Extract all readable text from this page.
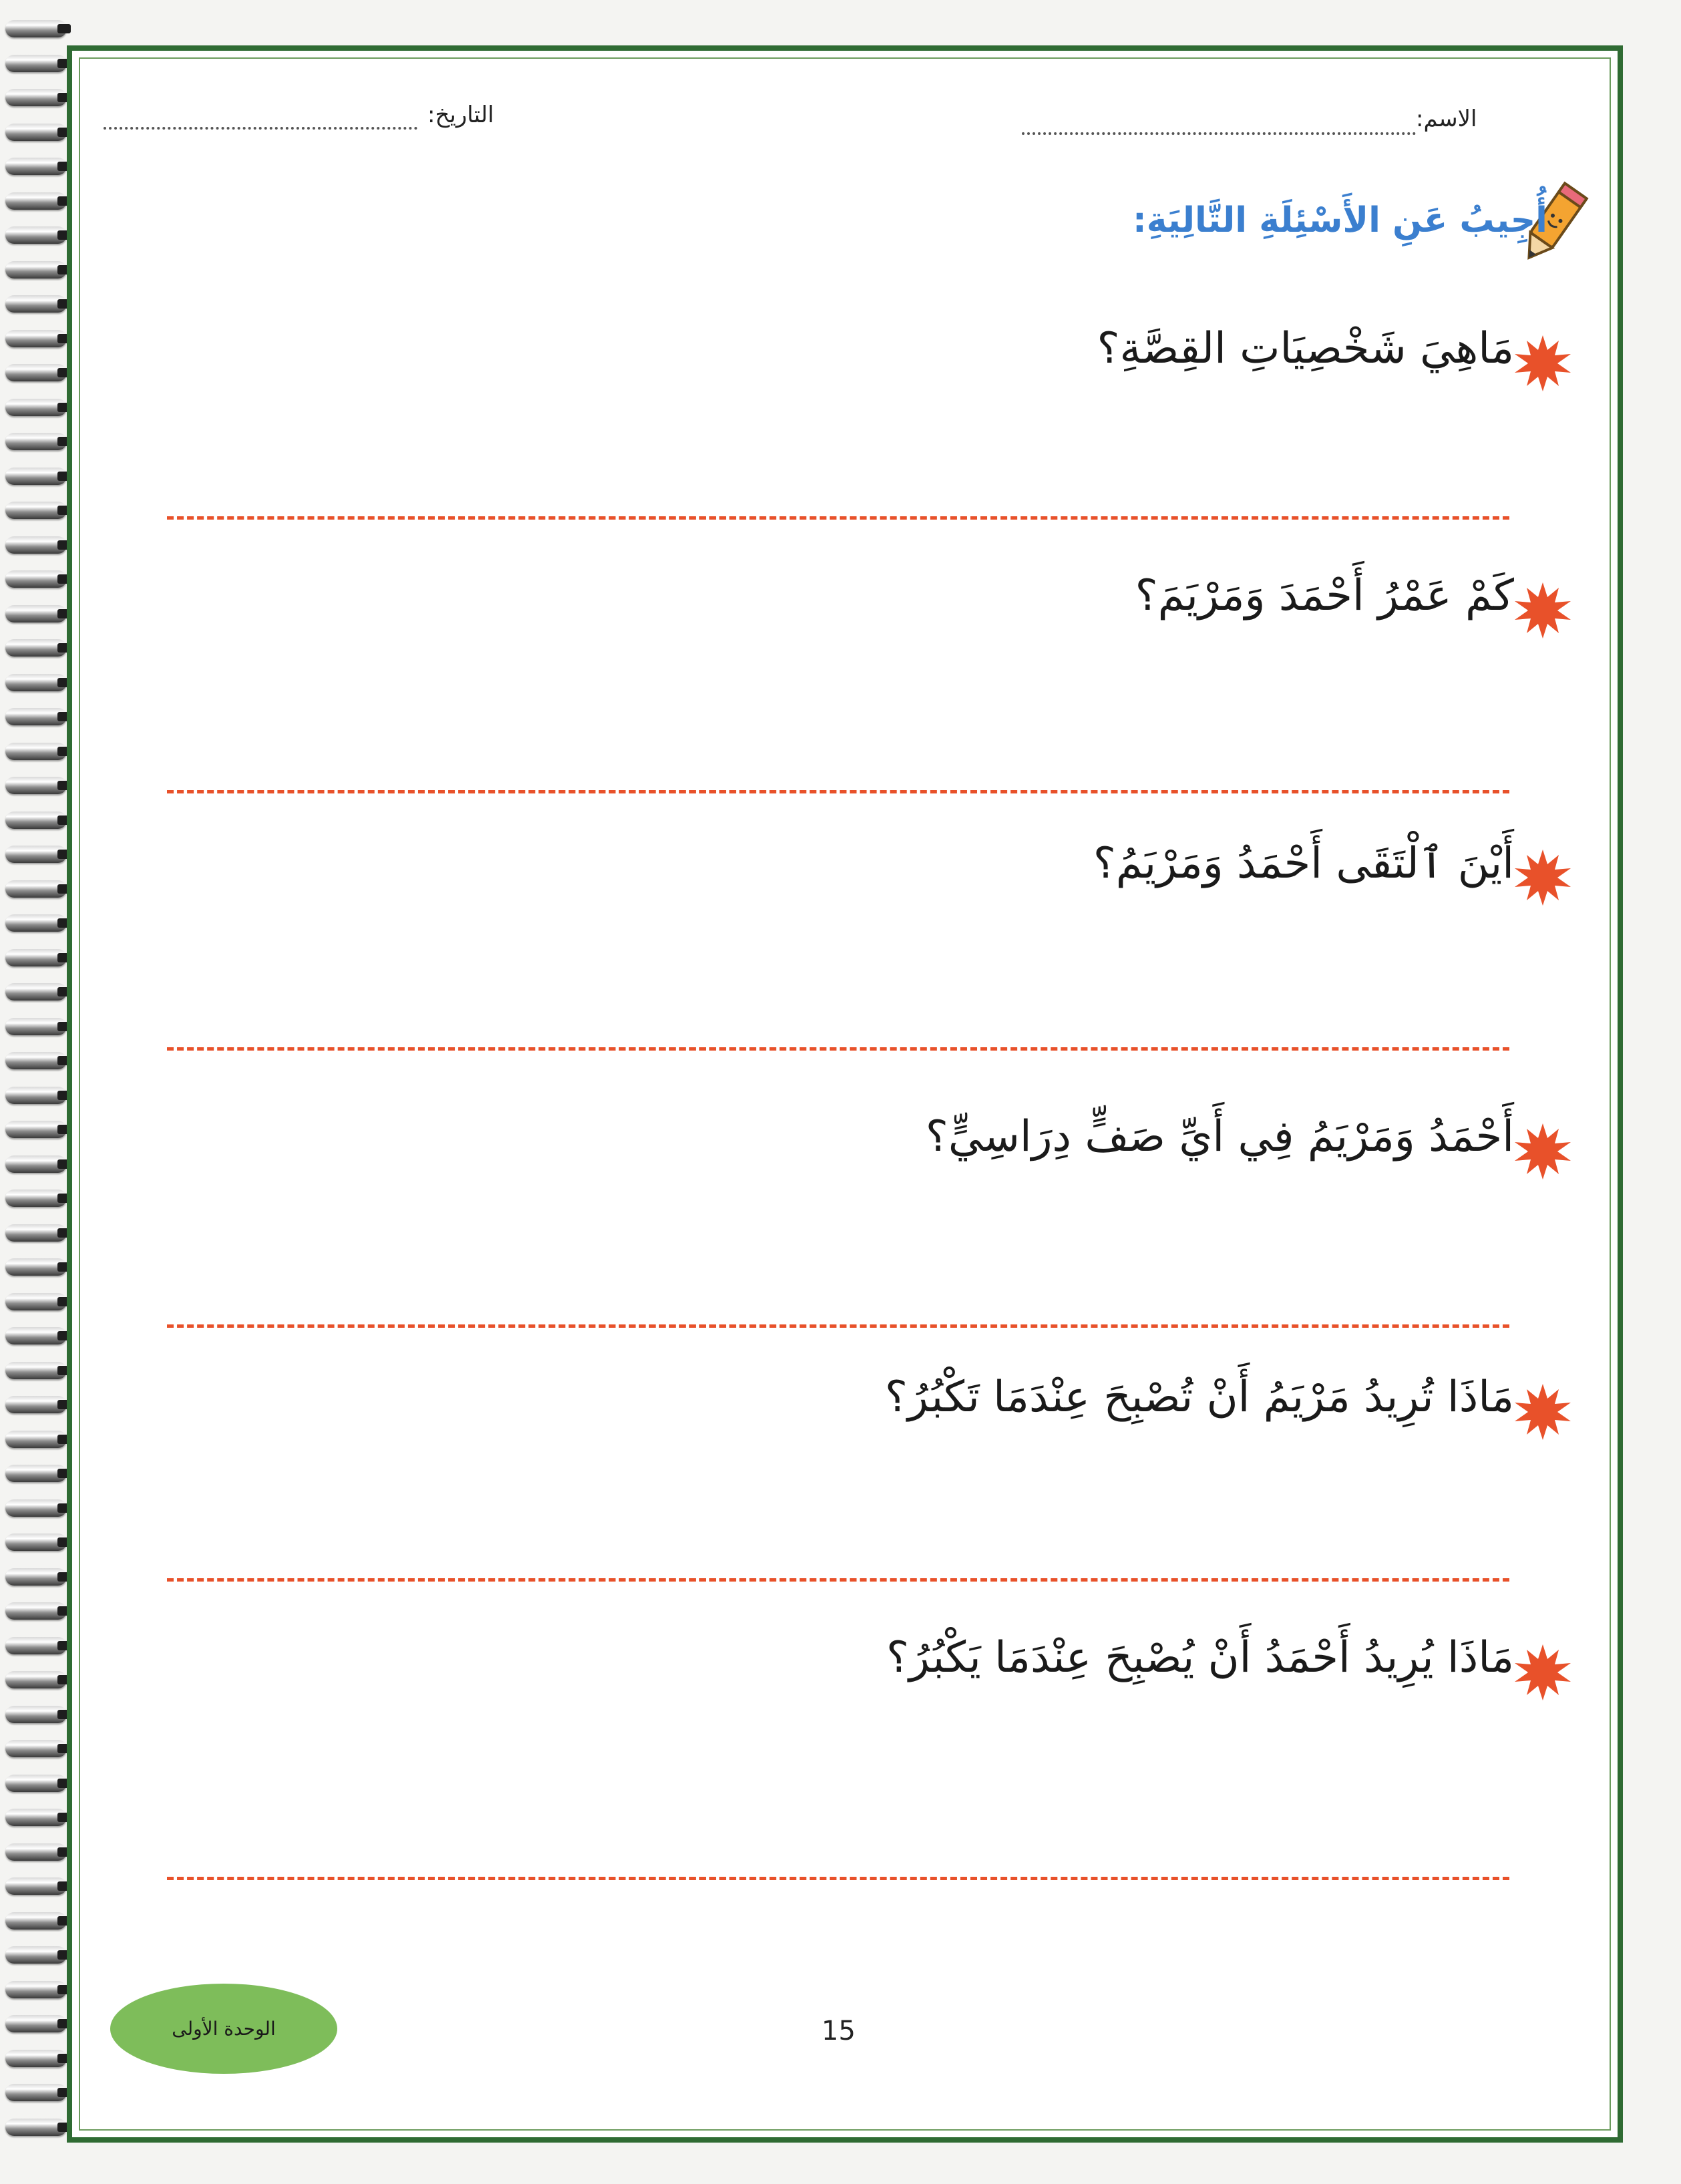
الاسم:
التاريخ:
أُجِيبُ عَنِ الأَسْئِلَةِ التَّالِيَةِ:
مَاهِيَ شَخْصِيَاتِ القِصَّةِ؟
كَمْ عَمْرُ أَحْمَدَ وَمَرْيَمَ؟
أَيْنَ ٱلْتَقَى أَحْمَدُ وَمَرْيَمُ؟
أَحْمَدُ وَمَرْيَمُ فِي أَيِّ صَفٍّ دِرَاسِيٍّ؟
مَاذَا تُرِيدُ مَرْيَمُ أَنْ تُصْبِحَ عِنْدَمَا تَكْبُرُ؟
مَاذَا يُرِيدُ أَحْمَدُ أَنْ يُصْبِحَ عِنْدَمَا يَكْبُرُ؟
الوحدة الأولى	15
